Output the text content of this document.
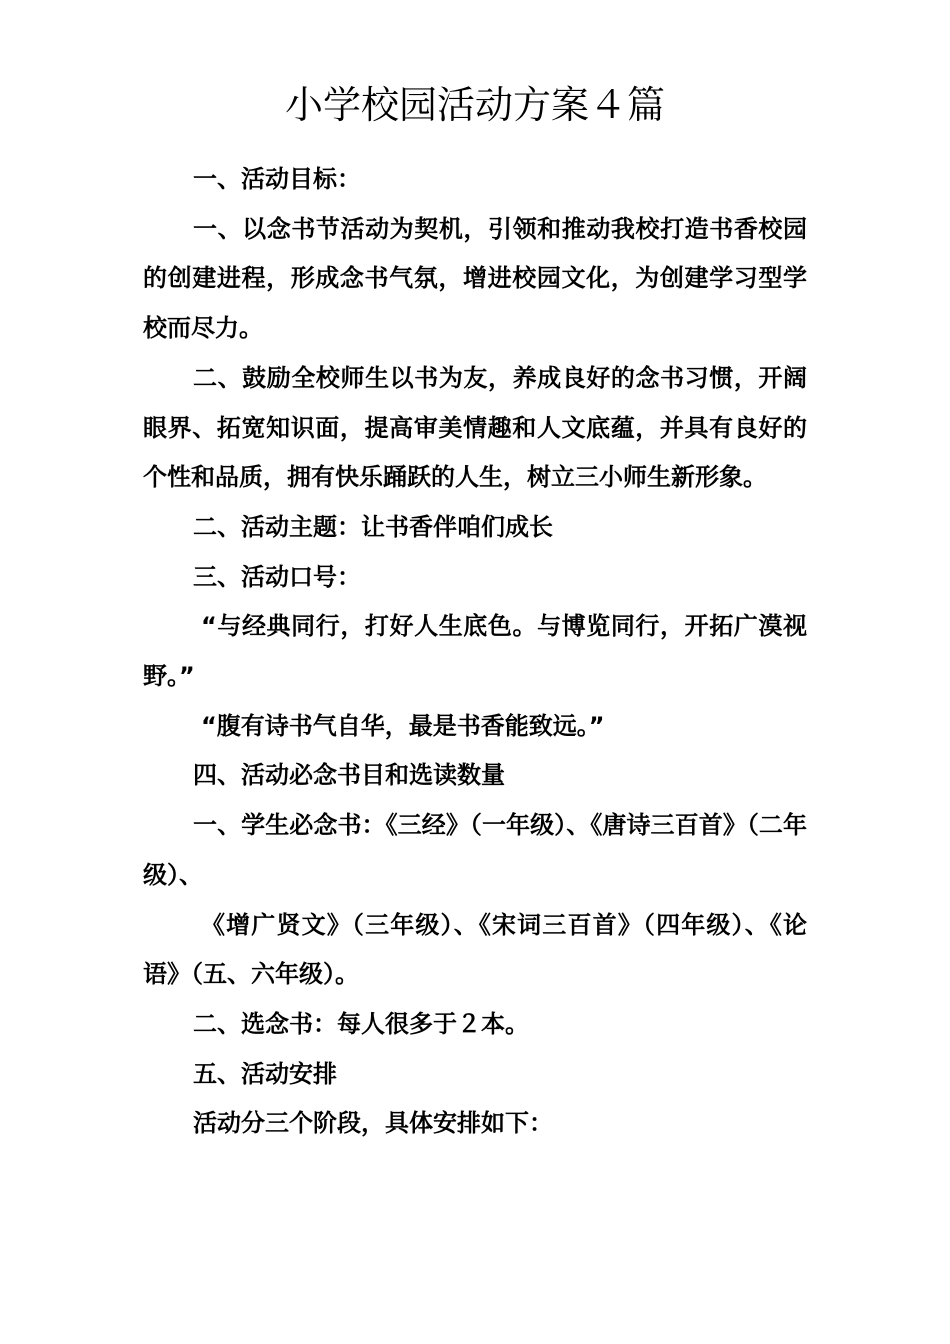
小学校园活动方案４篇

一、活动目标：

一、以念书节活动为契机，引领和推动我校打造书香校园的创建进程，形成念书气氛，增进校园文化，为创建学习型学校而尽力。

二、鼓励全校师生以书为友，养成良好的念书习惯，开阔眼界、拓宽知识面，提高审美情趣和人文底蕴，并具有良好的个性和品质，拥有快乐踊跃的人生，树立三小师生新形象。

二、活动主题：让书香伴咱们成长

三、活动口号：

“与经典同行，打好人生底色。与博览同行，开拓广漠视野。”

“腹有诗书气自华，最是书香能致远。”

四、活动必念书目和选读数量

一、学生必念书：《三经》（一年级）、《唐诗三百首》（二年级）、

《增广贤文》（三年级）、《宋词三百首》（四年级）、《论语》（五、六年级）。

二、选念书：每人很多于２本。

五、活动安排

活动分三个阶段，具体安排如下：
